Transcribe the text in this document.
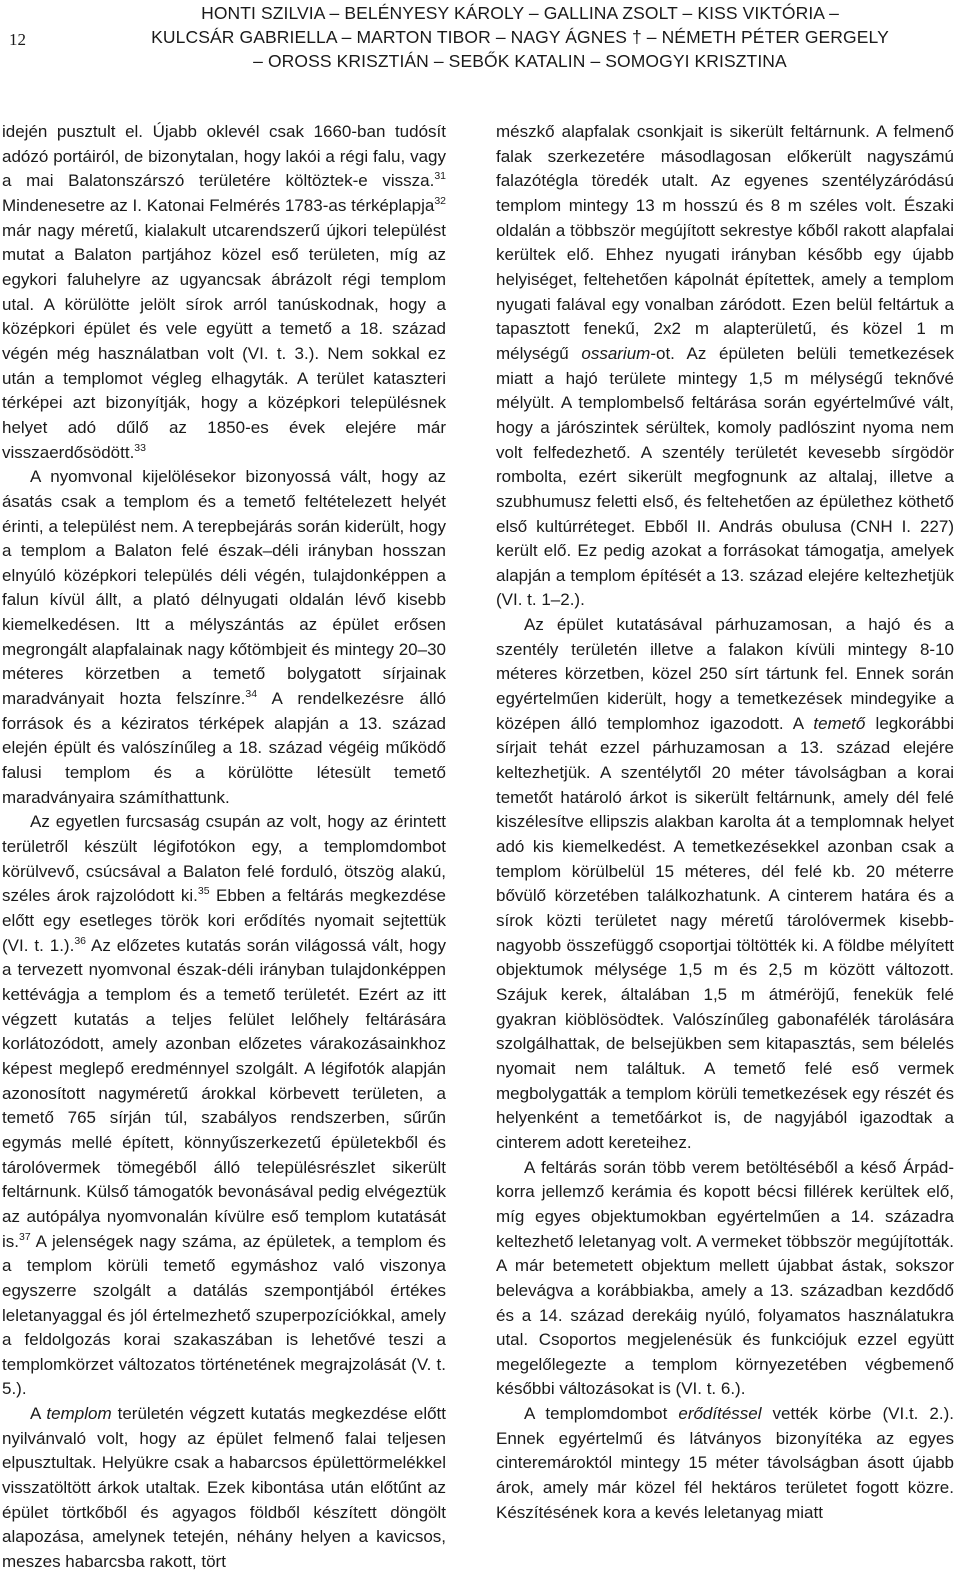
12
HONTI SZILVIA – BELÉNYESY KÁROLY – GALLINA ZSOLT – KISS VIKTÓRIA –
KULCSÁR GABRIELLA – MARTON TIBOR – NAGY ÁGNES † – NÉMETH PÉTER GERGELY
– OROSS KRISZTIÁN – SEBŐK KATALIN – SOMOGYI KRISZTINA

idején pusztult el. Újabb oklevél csak 1660-ban tudósít adózó portáiról, de bizonytalan, hogy lakói a régi falu, vagy a mai Balatonszárszó területére költöztek-e vissza.$^{31}$ Mindenesetre az I. Katonai Felmérés 1783-as térképlapja$^{32}$ már nagy méretű, kialakult utcarendszerű újkori települést mutat a Balaton partjához közel eső területen, míg az egykori faluhelyre az ugyancsak ábrázolt régi templom utal. A körülötte jelölt sírok arról tanúskodnak, hogy a középkori épület és vele együtt a temető a 18. század végén még használatban volt (VI. t. 3.). Nem sokkal ez után a templomot végleg elhagyták. A terület kataszteri térképei azt bizonyítják, hogy a középkori településnek helyet adó dűlő az 1850-es évek elejére már visszaerdősödött.$^{33}$

A nyomvonal kijelölésekor bizonyossá vált, hogy az ásatás csak a templom és a temető feltételezett helyét érinti, a települést nem. A terepbejárás során kiderült, hogy a templom a Balaton felé észak–déli irányban hosszan elnyúló középkori település déli végén, tulajdonképpen a falun kívül állt, a plató délnyugati oldalán lévő kisebb kiemelkedésen. Itt a mélyszántás az épület erősen megrongált alapfalainak nagy kőtömbjeit és mintegy 20–30 méteres körzetben a temető bolygatott sírjainak maradványait hozta felszínre.$^{34}$ A rendelkezésre álló források és a kéziratos térképek alapján a 13. század elején épült és valószínűleg a 18. század végéig működő falusi templom és a körülötte létesült temető maradványaira számíthattunk.

Az egyetlen furcsaság csupán az volt, hogy az érintett területről készült légifotókon egy, a templomdombot körülvevő, csúcsával a Balaton felé forduló, ötszög alakú, széles árok rajzolódott ki.$^{35}$ Ebben a feltárás megkezdése előtt egy esetleges török kori erődítés nyomait sejtettük (VI. t. 1.).$^{36}$ Az előzetes kutatás során világossá vált, hogy a tervezett nyomvonal észak-déli irányban tulajdonképpen kettévágja a templom és a temető területét. Ezért az itt végzett kutatás a teljes felület lelőhely feltárására korlátozódott, amely azonban előzetes várakozásainkhoz képest meglepő eredménnyel szolgált. A légifotók alapján azonosított nagyméretű árokkal körbevett területen, a temető 765 sírján túl, szabályos rendszerben, sűrűn egymás mellé épített, könnyűszerkezetű épületekből és tárolóvermek tömegéből álló településrészlet sikerült feltárnunk. Külső támogatók bevonásával pedig elvégeztük az autópálya nyomvonalán kívülre eső templom kutatását is.$^{37}$ A jelenségek nagy száma, az épületek, a templom és a templom körüli temető egymáshoz való viszonya egyszerre szolgált a datálás szempontjából értékes leletanyaggal és jól értelmezhető szuperpozíciókkal, amely a feldolgozás korai szakaszában is lehetővé teszi a templomkörzet változatos történetének megrajzolását (V. t. 5.).

A templom területén végzett kutatás megkezdése előtt nyilvánvaló volt, hogy az épület felmenő falai teljesen elpusztultak. Helyükre csak a habarcsos épülettörmelékkel visszatöltött árkok utaltak. Ezek kibontása után előtűnt az épület törtkőből és agyagos földből készített döngölt alapozása, amelynek tetején, néhány helyen a kavicsos, meszes habarcsba rakott, tört

mészkő alapfalak csonkjait is sikerült feltárnunk. A felmenő falak szerkezetére másodlagosan előkerült nagyszámú falazótégla töredék utalt. Az egyenes szentélyzáródású templom mintegy 13 m hosszú és 8 m széles volt. Északi oldalán a többször megújított sekrestye kőből rakott alapfalai kerültek elő. Ehhez nyugati irányban később egy újabb helyiséget, feltehetően kápolnát építettek, amely a templom nyugati falával egy vonalban záródott. Ezen belül feltártuk a tapasztott fenekű, 2x2 m alapterületű, és közel 1 m mélységű ossarium-ot. Az épületen belüli temetkezések miatt a hajó területe mintegy 1,5 m mélységű teknővé mélyült. A templombelső feltárása során egyértelművé vált, hogy a járószintek sérültek, komoly padlószint nyoma nem volt felfedezhető. A szentély területét kevesebb sírgödör rombolta, ezért sikerült megfognunk az altalaj, illetve a szubhumusz feletti első, és feltehetően az épülethez köthető első kultúrréteget. Ebből II. András obulusa (CNH I. 227) került elő. Ez pedig azokat a forrásokat támogatja, amelyek alapján a templom építését a 13. század elejére keltezhetjük (VI. t. 1–2.).

Az épület kutatásával párhuzamosan, a hajó és a szentély területén illetve a falakon kívüli mintegy 8-10 méteres körzetben, közel 250 sírt tártunk fel. Ennek során egyértelműen kiderült, hogy a temetkezések mindegyike a középen álló templomhoz igazodott. A temető legkorábbi sírjait tehát ezzel párhuzamosan a 13. század elejére keltezhetjük. A szentélytől 20 méter távolságban a korai temetőt határoló árkot is sikerült feltárnunk, amely dél felé kiszélesítve ellipszis alakban karolta át a templomnak helyet adó kis kiemelkedést. A temetkezésekkel azonban csak a templom körülbelül 15 méteres, dél felé kb. 20 méterre bővülő körzetében találkozhatunk. A cinterem határa és a sírok közti területet nagy méretű tárolóvermek kisebb-nagyobb összefüggő csoportjai töltötték ki. A földbe mélyített objektumok mélysége 1,5 m és 2,5 m között változott. Szájuk kerek, általában 1,5 m átméröjű, fenekük felé gyakran kiöblösödtek. Valószínűleg gabonafélék tárolására szolgálhattak, de belsejükben sem kitapasztás, sem bélelés nyomait nem találtuk. A temető felé eső vermek megbolygatták a templom körüli temetkezések egy részét és helyenként a temetőárkot is, de nagyjából igazodtak a cinterem adott kereteihez.

A feltárás során több verem betöltéséből a késő Árpád-korra jellemző kerámia és kopott bécsi fillérek kerültek elő, míg egyes objektumokban egyértelműen a 14. századra keltezhető leletanyag volt. A vermeket többször megújították. A már betemetett objektum mellett újabbat ástak, sokszor belevágva a korábbiakba, amely a 13. században kezdődő és a 14. század derekáig nyúló, folyamatos használatukra utal. Csoportos megjelenésük és funkciójuk ezzel együtt megelőlegezte a templom környezetében végbemenő későbbi változásokat is (VI. t. 6.).

A templomdombot erődítéssel vették körbe (VI.t. 2.). Ennek egyértelmű és látványos bizonyítéka az egyes cinteremároktól mintegy 15 méter távolságban ásott újabb árok, amely már közel fél hektáros területet fogott közre. Készítésének kora a kevés leletanyag miatt
